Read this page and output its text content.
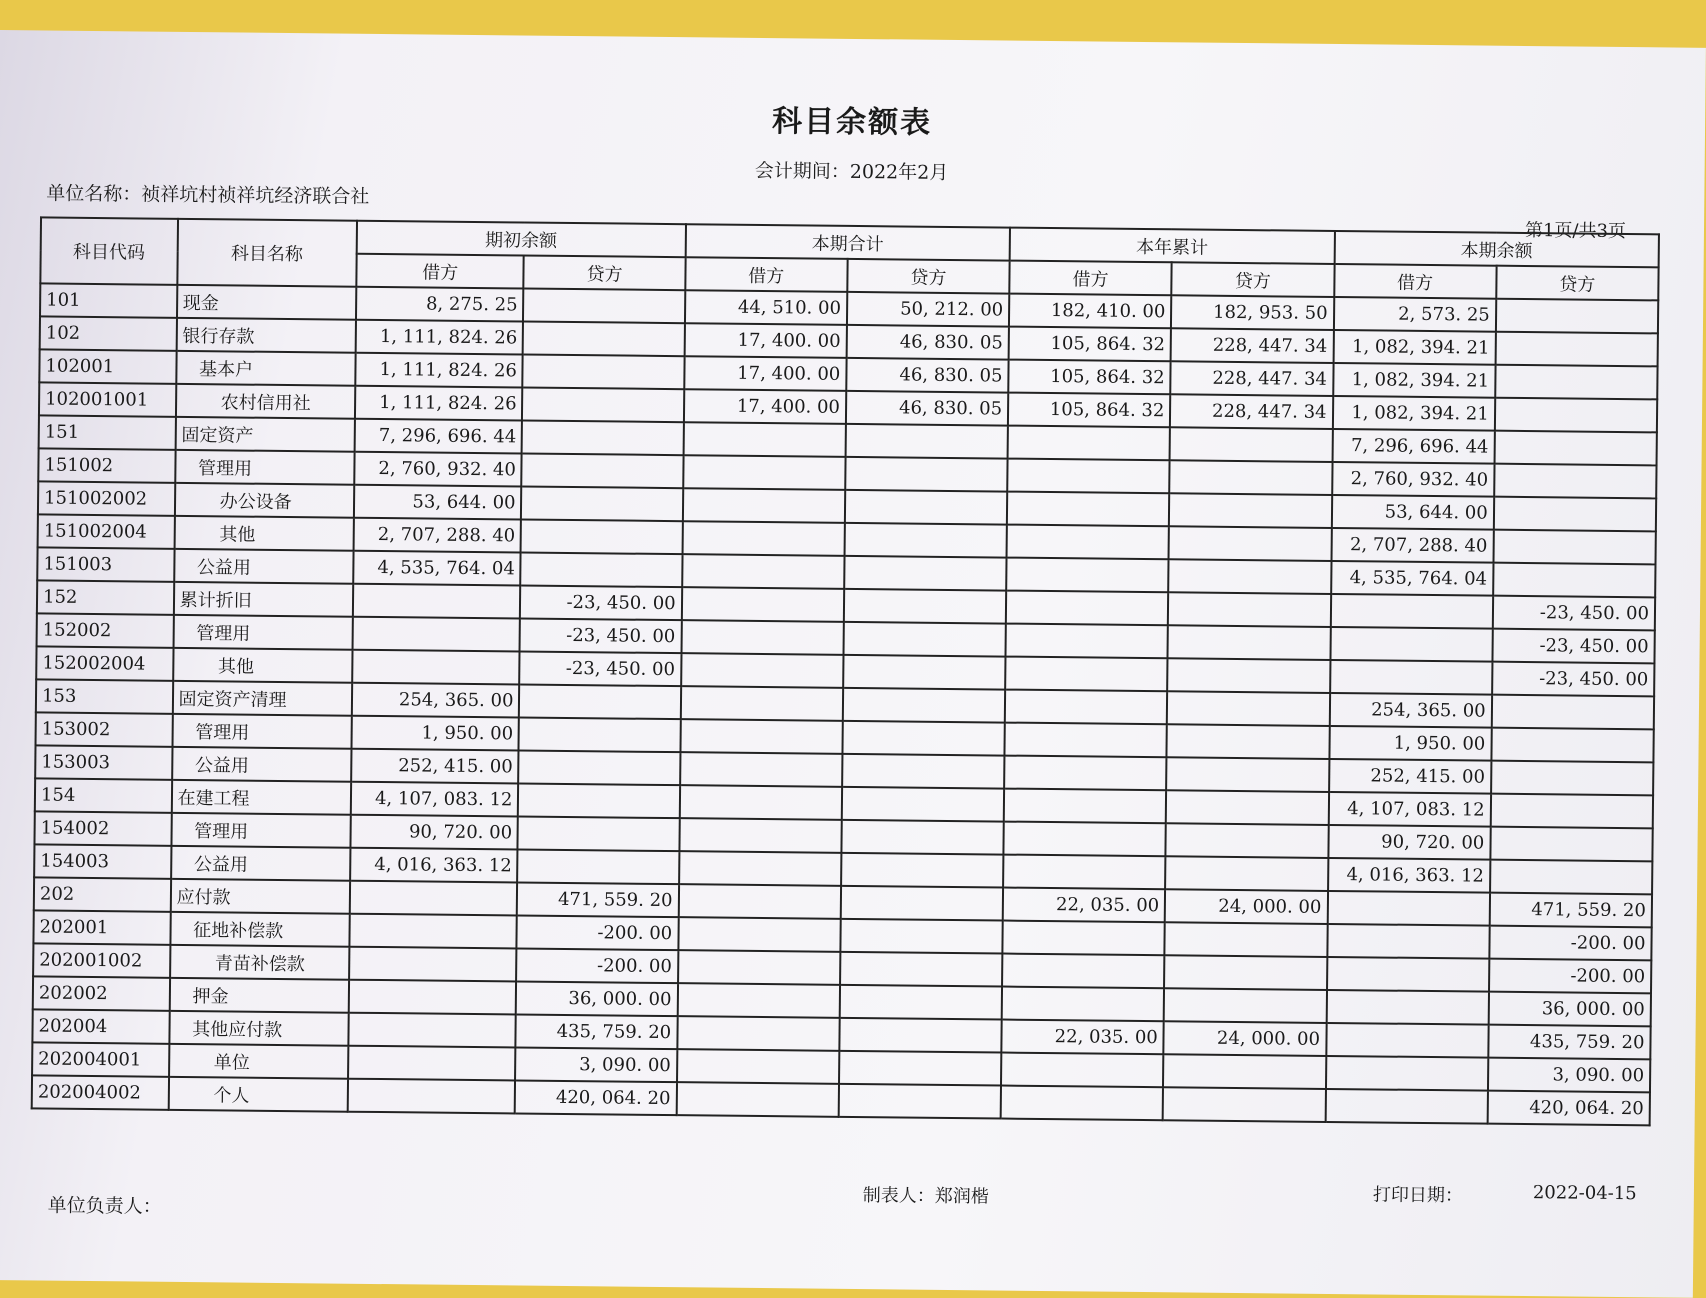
科目余额表
会计期间：2022年2月
单位名称：祯祥坑村祯祥坑经济联合社
第1页/共3页
科目代码	科目名称	期初余额		本期合计		本年累计		本期余额	
		借方	贷方	借方	贷方	借方	贷方	借方	贷方
101	现金	8, 275. 25		44, 510. 00	50, 212. 00	182, 410. 00	182, 953. 50	2, 573. 25	
102	银行存款	1, 111, 824. 26		17, 400. 00	46, 830. 05	105, 864. 32	228, 447. 34	1, 082, 394. 21	
102001	基本户	1, 111, 824. 26		17, 400. 00	46, 830. 05	105, 864. 32	228, 447. 34	1, 082, 394. 21	
102001001	农村信用社	1, 111, 824. 26		17, 400. 00	46, 830. 05	105, 864. 32	228, 447. 34	1, 082, 394. 21	
151	固定资产	7, 296, 696. 44						7, 296, 696. 44	
151002	管理用	2, 760, 932. 40						2, 760, 932. 40	
151002002	办公设备	53, 644. 00						53, 644. 00	
151002004	其他	2, 707, 288. 40						2, 707, 288. 40	
151003	公益用	4, 535, 764. 04						4, 535, 764. 04	
152	累计折旧		-23, 450. 00						-23, 450. 00
152002	管理用		-23, 450. 00						-23, 450. 00
152002004	其他		-23, 450. 00						-23, 450. 00
153	固定资产清理	254, 365. 00						254, 365. 00	
153002	管理用	1, 950. 00						1, 950. 00	
153003	公益用	252, 415. 00						252, 415. 00	
154	在建工程	4, 107, 083. 12						4, 107, 083. 12	
154002	管理用	90, 720. 00						90, 720. 00	
154003	公益用	4, 016, 363. 12						4, 016, 363. 12	
202	应付款		471, 559. 20			22, 035. 00	24, 000. 00		471, 559. 20
202001	征地补偿款		-200. 00						-200. 00
202001002	青苗补偿款		-200. 00						-200. 00
202002	押金		36, 000. 00						36, 000. 00
202004	其他应付款		435, 759. 20			22, 035. 00	24, 000. 00		435, 759. 20
202004001	单位		3, 090. 00						3, 090. 00
202004002	个人		420, 064. 20						420, 064. 20
制表人：郑润楷	打印日期：	2022-04-15
单位负责人：
